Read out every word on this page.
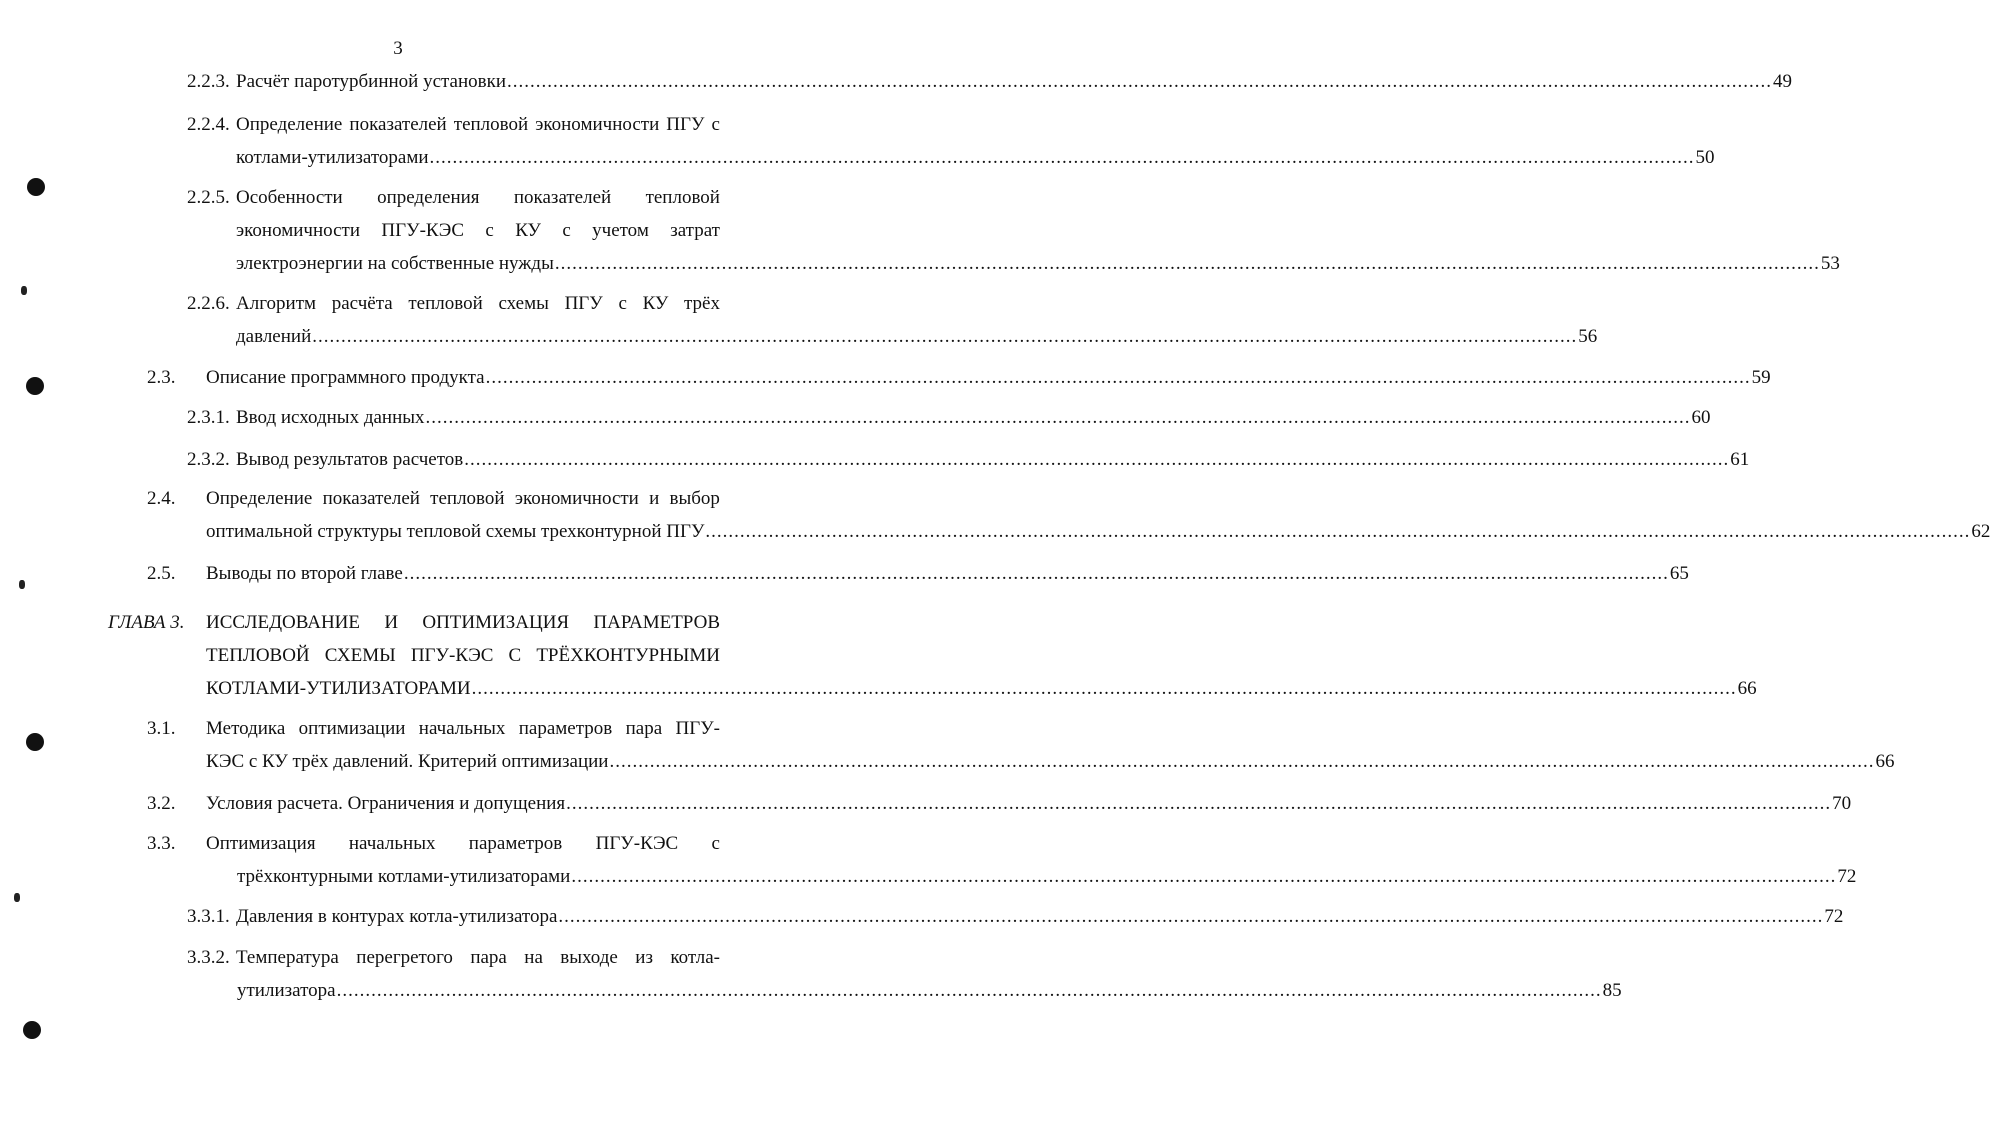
3
2.2.3. Расчёт паротурбинной установки ............................................................................................................................................................................................................................ 49
2.2.4. Определение показателей тепловой экономичности ПГУ с
котлами-утилизаторами ............................................................................................................................................................................................................................ 50
2.2.5. Особенности определения показателей тепловой
экономичности ПГУ-КЭС с КУ с учетом затрат
электроэнергии на собственные нужды ............................................................................................................................................................................................................................ 53
2.2.6. Алгоритм расчёта тепловой схемы ПГУ с КУ трёх
давлений ............................................................................................................................................................................................................................ 56
2.3. Описание программного продукта ............................................................................................................................................................................................................................ 59
2.3.1. Ввод исходных данных ............................................................................................................................................................................................................................ 60
2.3.2. Вывод результатов расчетов ............................................................................................................................................................................................................................ 61
2.4. Определение показателей тепловой экономичности и выбор
оптимальной структуры тепловой схемы трехконтурной ПГУ ............................................................................................................................................................................................................................ 62
2.5. Выводы по второй главе ............................................................................................................................................................................................................................ 65
ГЛАВА 3. ИССЛЕДОВАНИЕ И ОПТИМИЗАЦИЯ ПАРАМЕТРОВ
ТЕПЛОВОЙ СХЕМЫ ПГУ-КЭС С ТРЁХКОНТУРНЫМИ
КОТЛАМИ-УТИЛИЗАТОРАМИ ............................................................................................................................................................................................................................ 66
3.1. Методика оптимизации начальных параметров пара ПГУ-
КЭС с КУ трёх давлений. Критерий оптимизации ............................................................................................................................................................................................................................ 66
3.2. Условия расчета. Ограничения и допущения ............................................................................................................................................................................................................................ 70
3.3. Оптимизация начальных параметров ПГУ-КЭС с
трёхконтурными котлами-утилизаторами ............................................................................................................................................................................................................................ 72
3.3.1. Давления в контурах котла-утилизатора ............................................................................................................................................................................................................................ 72
3.3.2. Температура перегретого пара на выходе из котла-
утилизатора ............................................................................................................................................................................................................................ 85
